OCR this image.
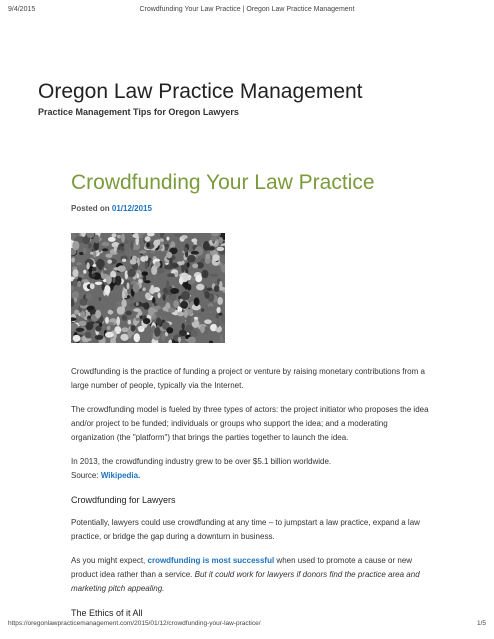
9/4/2015	Crowdfunding Your Law Practice | Oregon Law Practice Management
Oregon Law Practice Management
Practice Management Tips for Oregon Lawyers
Crowdfunding Your Law Practice
Posted on 01/12/2015

Crowdfunding is the practice of funding a project or venture by raising monetary contributions from a large number of people, typically via the Internet.

The crowdfunding model is fueled by three types of actors: the project initiator who proposes the idea and/or project to be funded; individuals or groups who support the idea; and a moderating organization (the "platform") that brings the parties together to launch the idea.

In 2013, the crowdfunding industry grew to be over $5.1 billion worldwide.
Source: Wikipedia.

Crowdfunding for Lawyers

Potentially, lawyers could use crowdfunding at any time – to jumpstart a law practice, expand a law practice, or bridge the gap during a downturn in business.

As you might expect, crowdfunding is most successful when used to promote a cause or new product idea rather than a service. But it could work for lawyers if donors find the practice area and marketing pitch appealing.

The Ethics of it All
https://oregonlawpracticemanagement.com/2015/01/12/crowdfunding-your-law-practice/	1/5
